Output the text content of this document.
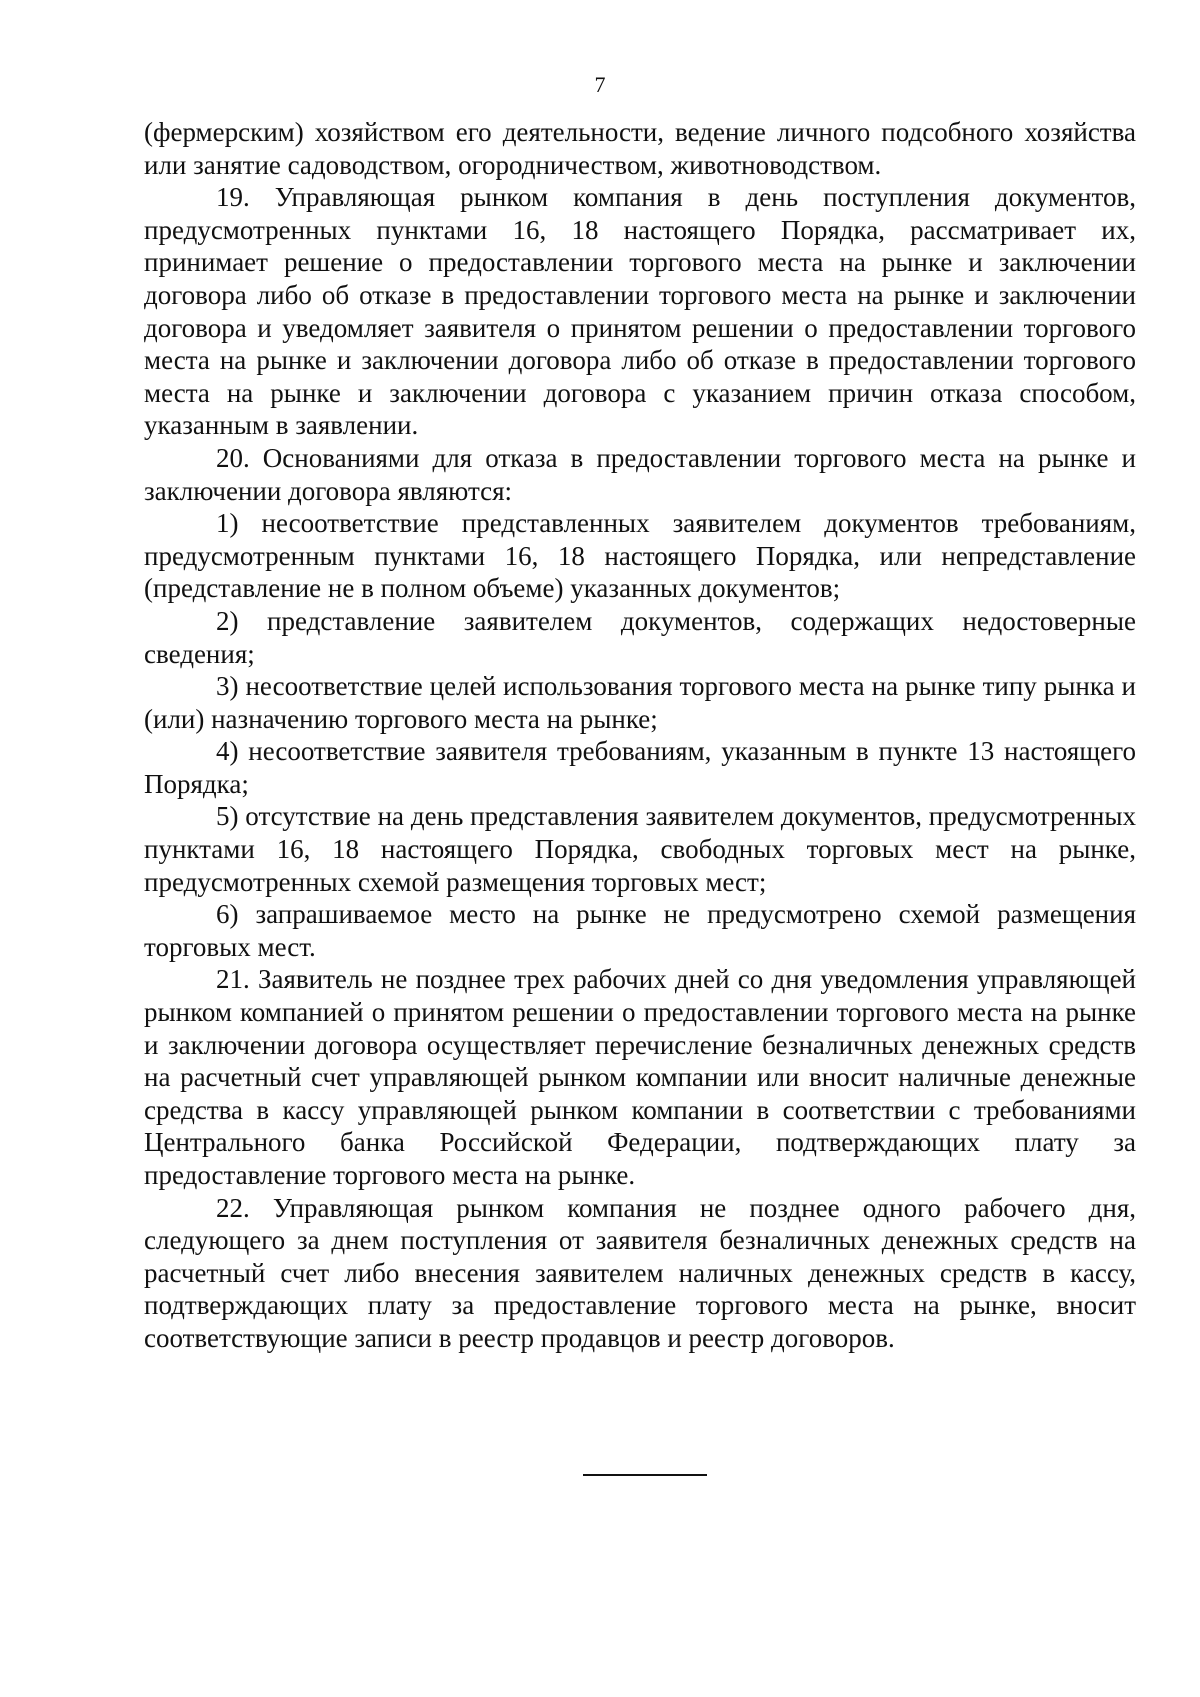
7

(фермерским) хозяйством его деятельности, ведение личного подсобного хозяйства или занятие садоводством, огородничеством, животноводством.

19. Управляющая рынком компания в день поступления документов, предусмотренных пунктами 16, 18 настоящего Порядка, рассматривает их, принимает решение о предоставлении торгового места на рынке и заключении договора либо об отказе в предоставлении торгового места на рынке и заключении договора и уведомляет заявителя о принятом решении о предоставлении торгового места на рынке и заключении договора либо об отказе в предоставлении торгового места на рынке и заключении договора с указанием причин отказа способом, указанным в заявлении.

20. Основаниями для отказа в предоставлении торгового места на рынке и заключении договора являются:

1) несоответствие представленных заявителем документов требованиям, предусмотренным пунктами 16, 18 настоящего Порядка, или непредставление (представление не в полном объеме) указанных документов;

2) представление заявителем документов, содержащих недостоверные сведения;

3) несоответствие целей использования торгового места на рынке типу рынка и (или) назначению торгового места на рынке;

4) несоответствие заявителя требованиям, указанным в пункте 13 настоящего Порядка;

5) отсутствие на день представления заявителем документов, предусмотренных пунктами 16, 18 настоящего Порядка, свободных торговых мест на рынке, предусмотренных схемой размещения торговых мест;

6) запрашиваемое место на рынке не предусмотрено схемой размещения торговых мест.

21. Заявитель не позднее трех рабочих дней со дня уведомления управляющей рынком компанией о принятом решении о предоставлении торгового места на рынке и заключении договора осуществляет перечисление безналичных денежных средств на расчетный счет управляющей рынком компании или вносит наличные денежные средства в кассу управляющей рынком компании в соответствии с требованиями Центрального банка Российской Федерации, подтверждающих плату за предоставление торгового места на рынке.

22. Управляющая рынком компания не позднее одного рабочего дня, следующего за днем поступления от заявителя безналичных денежных средств на расчетный счет либо внесения заявителем наличных денежных средств в кассу, подтверждающих плату за предоставление торгового места на рынке, вносит соответствующие записи в реестр продавцов и реестр договоров.
